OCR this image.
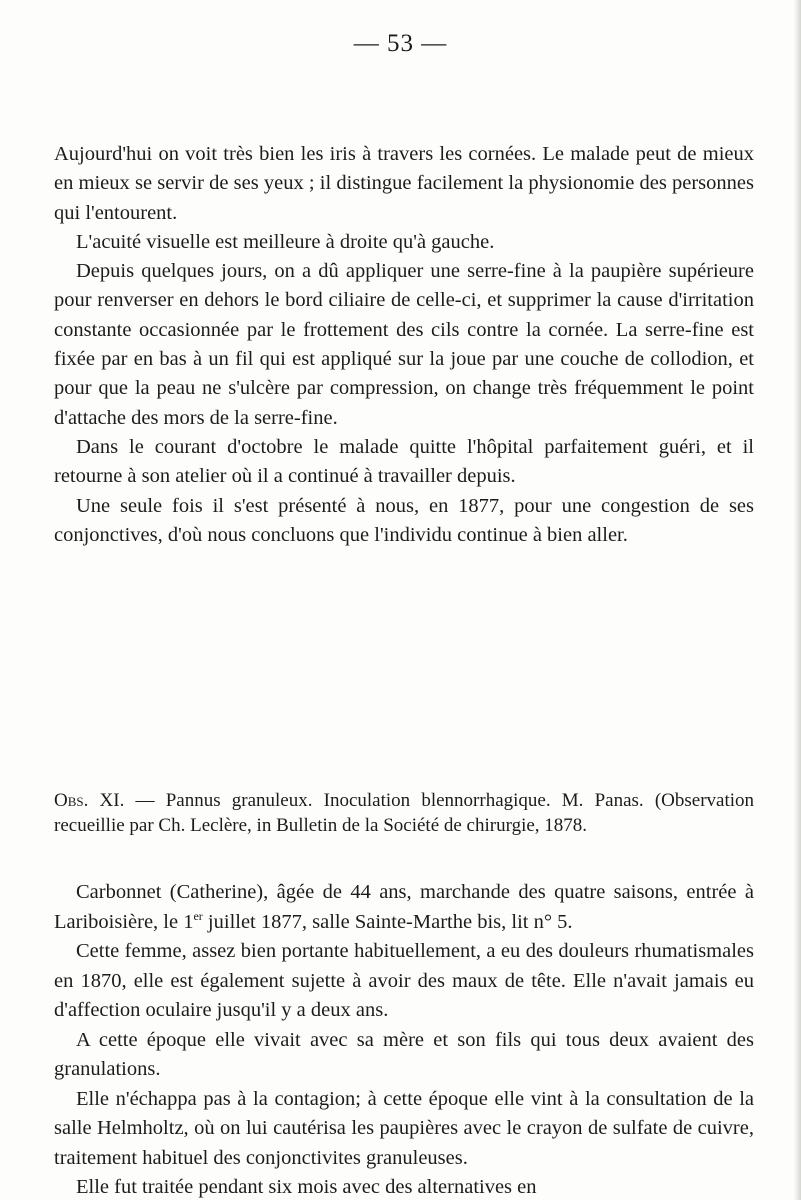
— 53 —

Aujourd'hui on voit très bien les iris à travers les cornées. Le malade peut de mieux en mieux se servir de ses yeux ; il distingue facilement la physionomie des personnes qui l'entourent.

L'acuité visuelle est meilleure à droite qu'à gauche.

Depuis quelques jours, on a dû appliquer une serre-fine à la paupière supérieure pour renverser en dehors le bord ciliaire de celle-ci, et supprimer la cause d'irritation constante occasionnée par le frottement des cils contre la cornée. La serre-fine est fixée par en bas à un fil qui est appliqué sur la joue par une couche de collodion, et pour que la peau ne s'ulcère par compression, on change très fréquemment le point d'attache des mors de la serre-fine.

Dans le courant d'octobre le malade quitte l'hôpital parfaitement guéri, et il retourne à son atelier où il a continué à travailler depuis.

Une seule fois il s'est présenté à nous, en 1877, pour une congestion de ses conjonctives, d'où nous concluons que l'individu continue à bien aller.

Obs. XI. — Pannus granuleux. Inoculation blennorrhagique. M. Panas. (Observation recueillie par Ch. Leclère, in Bulletin de la Société de chirurgie, 1878.

Carbonnet (Catherine), âgée de 44 ans, marchande des quatre saisons, entrée à Lariboisière, le 1er juillet 1877, salle Sainte-Marthe bis, lit n° 5.

Cette femme, assez bien portante habituellement, a eu des douleurs rhumatismales en 1870, elle est également sujette à avoir des maux de tête. Elle n'avait jamais eu d'affection oculaire jusqu'il y a deux ans.

A cette époque elle vivait avec sa mère et son fils qui tous deux avaient des granulations.

Elle n'échappa pas à la contagion; à cette époque elle vint à la consultation de la salle Helmholtz, où on lui cautérisa les paupières avec le crayon de sulfate de cuivre, traitement habituel des conjonctivites granuleuses.

Elle fut traitée pendant six mois avec des alternatives en
